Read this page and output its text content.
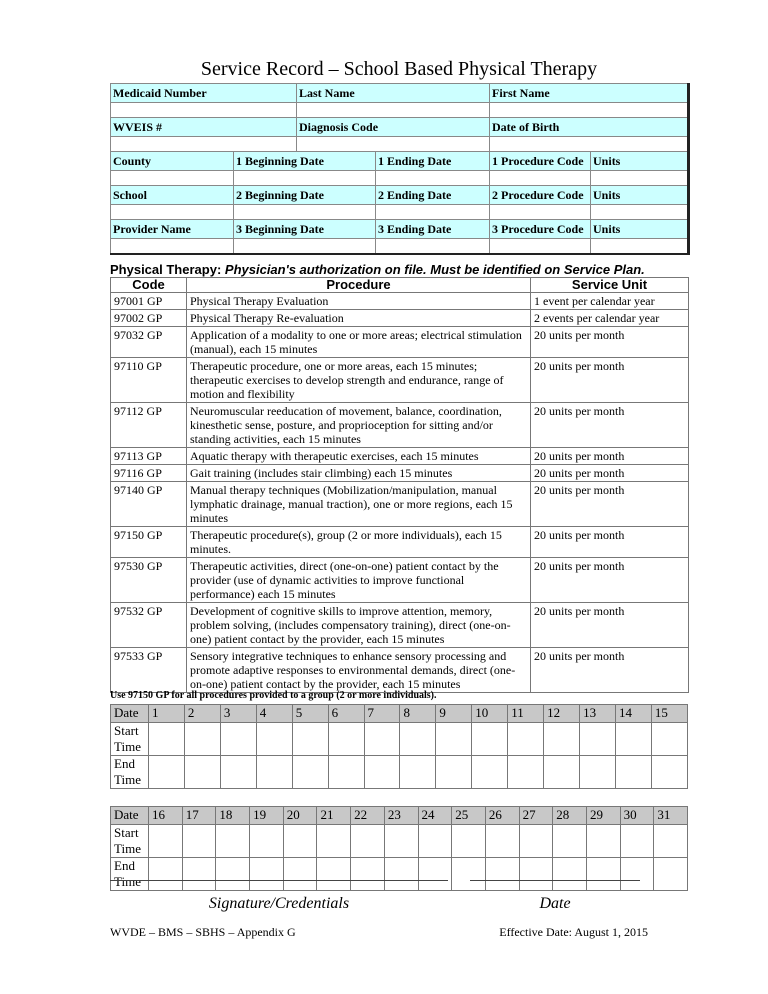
Service Record – School Based Physical Therapy
Medicaid Number		Last Name		First Name	

WVEIS #		Diagnosis Code		Date of Birth	

County	1 Beginning Date		1 Ending Date	1 Procedure Code	Units

School	2 Beginning Date		2 Ending Date	2 Procedure Code	Units

Provider Name	3 Beginning Date		3 Ending Date	3 Procedure Code	Units

Physical Therapy: Physician's authorization on file. Must be identified on Service Plan.
Code	Procedure	Service Unit
97001 GP	Physical Therapy Evaluation	1 event per calendar year
97002 GP	Physical Therapy Re-evaluation	2 events per calendar year
97032 GP	Application of a modality to one or more areas; electrical stimulation (manual), each 15 minutes	20 units per month
97110 GP	Therapeutic procedure, one or more areas, each 15 minutes; therapeutic exercises to develop strength and endurance, range of motion and flexibility	20 units per month
97112 GP	Neuromuscular reeducation of movement, balance, coordination, kinesthetic sense, posture, and proprioception for sitting and/or standing activities, each 15 minutes	20 units per month
97113 GP	Aquatic therapy with therapeutic exercises, each 15 minutes	20 units per month
97116 GP	Gait training (includes stair climbing) each 15 minutes	20 units per month
97140 GP	Manual therapy techniques (Mobilization/manipulation, manual lymphatic drainage, manual traction), one or more regions, each 15 minutes	20 units per month
97150 GP	Therapeutic procedure(s), group (2 or more individuals), each 15 minutes.	20 units per month
97530 GP	Therapeutic activities, direct (one-on-one) patient contact by the provider (use of dynamic activities to improve functional performance) each 15 minutes	20 units per month
97532 GP	Development of cognitive skills to improve attention, memory, problem solving, (includes compensatory training), direct (one-on-one) patient contact by the provider, each 15 minutes	20 units per month
97533 GP	Sensory integrative techniques to enhance sensory processing and promote adaptive responses to environmental demands, direct (one-on-one) patient contact by the provider, each 15 minutes	20 units per month
Use 97150 GP for all procedures provided to a group (2 or more individuals).
Date	1	2	3	4	5	6	7	8	9	10	11	12	13	14	15
Start Time															
End Time															
Date	16	17	18	19	20	21	22	23	24	25	26	27	28	29	30	31
Start Time																
End Time																
Signature/Credentials	Date
WVDE – BMS – SBHS – Appendix G	Effective Date: August 1, 2015
